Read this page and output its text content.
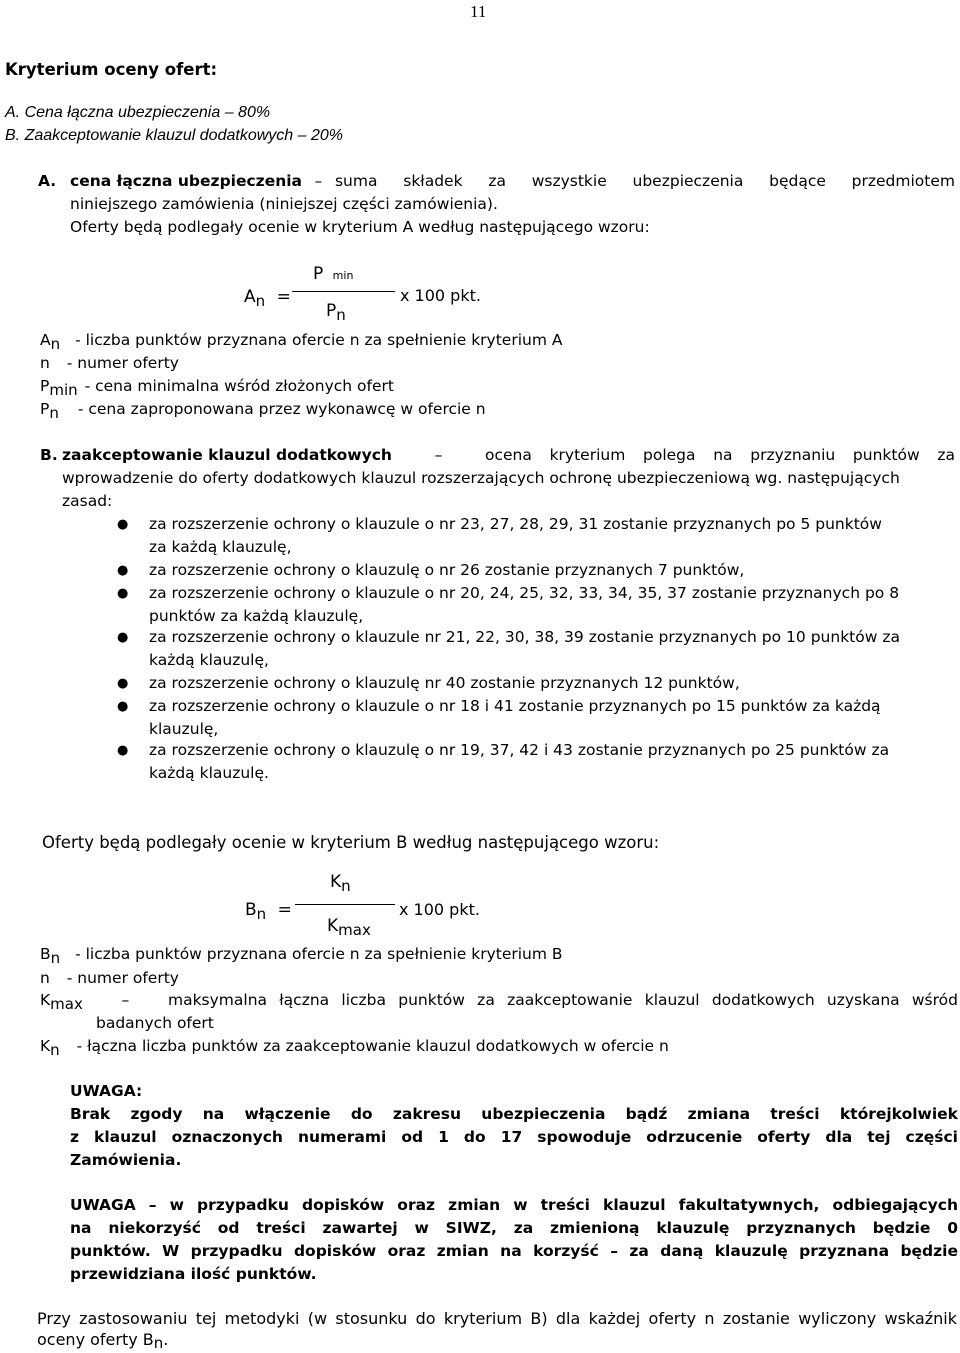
11
Kryterium oceny ofert:
A. Cena łączna ubezpieczenia – 80%
B. Zaakceptowanie klauzul dodatkowych – 20%
A. cena łączna ubezpieczenia – suma składek za wszystkie ubezpieczenia będące przedmiotem
niniejszego zamówienia (niniejszej części zamówienia).
Oferty będą podlegały ocenie w kryterium A według następującego wzoru:
P min
An =	x 100 pkt.
Pn
An - liczba punktów przyznana ofercie n za spełnienie kryterium A
n - numer oferty
Pmin - cena minimalna wśród złożonych ofert
Pn - cena zaproponowana przez wykonawcę w ofercie n
B. zaakceptowanie klauzul dodatkowych	–	ocena kryterium polega na przyznaniu punktów za
wprowadzenie do oferty dodatkowych klauzul rozszerzających ochronę ubezpieczeniową wg. następujących
zasad:
● za rozszerzenie ochrony o klauzule o nr 23, 27, 28, 29, 31 zostanie przyznanych po 5 punktów
za każdą klauzulę,
● za rozszerzenie ochrony o klauzulę o nr 26 zostanie przyznanych 7 punktów,
● za rozszerzenie ochrony o klauzule o nr 20, 24, 25, 32, 33, 34, 35, 37 zostanie przyznanych po 8
punktów za każdą klauzulę,
● za rozszerzenie ochrony o klauzule nr 21, 22, 30, 38, 39 zostanie przyznanych po 10 punktów za
każdą klauzulę,
● za rozszerzenie ochrony o klauzulę nr 40 zostanie przyznanych 12 punktów,
● za rozszerzenie ochrony o klauzule o nr 18 i 41 zostanie przyznanych po 15 punktów za każdą
klauzulę,
● za rozszerzenie ochrony o klauzulę o nr 19, 37, 42 i 43 zostanie przyznanych po 25 punktów za
każdą klauzulę.
Oferty będą podlegały ocenie w kryterium B według następującego wzoru:
Kn
Bn =	x 100 pkt.
Kmax
Bn - liczba punktów przyznana ofercie n za spełnienie kryterium B
n - numer oferty
Kmax – maksymalna łączna liczba punktów za zaakceptowanie klauzul dodatkowych uzyskana wśród
badanych ofert
Kn - łączna liczba punktów za zaakceptowanie klauzul dodatkowych w ofercie n
UWAGA:
Brak zgody na włączenie do zakresu ubezpieczenia bądź zmiana treści którejkolwiek
z klauzul oznaczonych numerami od 1 do 17 spowoduje odrzucenie oferty dla tej części
Zamówienia.
UWAGA – w przypadku dopisków oraz zmian w treści klauzul fakultatywnych, odbiegających
na niekorzyść od treści zawartej w SIWZ, za zmienioną klauzulę przyznanych będzie 0
punktów. W przypadku dopisków oraz zmian na korzyść – za daną klauzulę przyznana będzie
przewidziana ilość punktów.
Przy zastosowaniu tej metodyki (w stosunku do kryterium B) dla każdej oferty n zostanie wyliczony wskaźnik
oceny oferty Bn.
